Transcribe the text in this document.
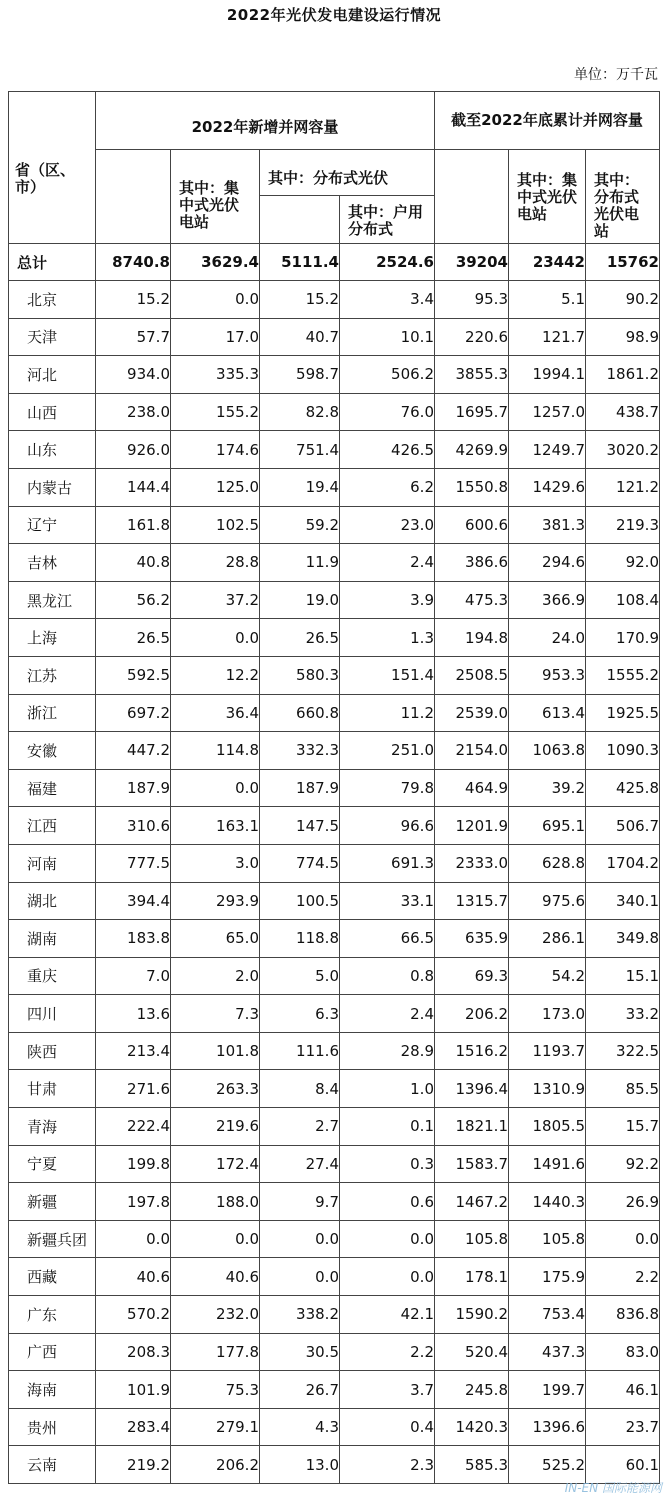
2022年光伏发电建设运行情况
单位：万千瓦
省（区、市）	2022年新增并网容量				截至2022年底累计并网容量		
		其中：集中式光伏电站	其中：分布式光伏			其中：集中式光伏电站	其中：分布式光伏电站
				其中：户用分布式			
总计	8740.8	3629.4	5111.4	2524.6	39204	23442	15762
北京	15.2	0.0	15.2	3.4	95.3	5.1	90.2
天津	57.7	17.0	40.7	10.1	220.6	121.7	98.9
河北	934.0	335.3	598.7	506.2	3855.3	1994.1	1861.2
山西	238.0	155.2	82.8	76.0	1695.7	1257.0	438.7
山东	926.0	174.6	751.4	426.5	4269.9	1249.7	3020.2
内蒙古	144.4	125.0	19.4	6.2	1550.8	1429.6	121.2
辽宁	161.8	102.5	59.2	23.0	600.6	381.3	219.3
吉林	40.8	28.8	11.9	2.4	386.6	294.6	92.0
黑龙江	56.2	37.2	19.0	3.9	475.3	366.9	108.4
上海	26.5	0.0	26.5	1.3	194.8	24.0	170.9
江苏	592.5	12.2	580.3	151.4	2508.5	953.3	1555.2
浙江	697.2	36.4	660.8	11.2	2539.0	613.4	1925.5
安徽	447.2	114.8	332.3	251.0	2154.0	1063.8	1090.3
福建	187.9	0.0	187.9	79.8	464.9	39.2	425.8
江西	310.6	163.1	147.5	96.6	1201.9	695.1	506.7
河南	777.5	3.0	774.5	691.3	2333.0	628.8	1704.2
湖北	394.4	293.9	100.5	33.1	1315.7	975.6	340.1
湖南	183.8	65.0	118.8	66.5	635.9	286.1	349.8
重庆	7.0	2.0	5.0	0.8	69.3	54.2	15.1
四川	13.6	7.3	6.3	2.4	206.2	173.0	33.2
陕西	213.4	101.8	111.6	28.9	1516.2	1193.7	322.5
甘肃	271.6	263.3	8.4	1.0	1396.4	1310.9	85.5
青海	222.4	219.6	2.7	0.1	1821.1	1805.5	15.7
宁夏	199.8	172.4	27.4	0.3	1583.7	1491.6	92.2
新疆	197.8	188.0	9.7	0.6	1467.2	1440.3	26.9
新疆兵团	0.0	0.0	0.0	0.0	105.8	105.8	0.0
西藏	40.6	40.6	0.0	0.0	178.1	175.9	2.2
广东	570.2	232.0	338.2	42.1	1590.2	753.4	836.8
广西	208.3	177.8	30.5	2.2	520.4	437.3	83.0
海南	101.9	75.3	26.7	3.7	245.8	199.7	46.1
贵州	283.4	279.1	4.3	0.4	1420.3	1396.6	23.7
云南	219.2	206.2	13.0	2.3	585.3	525.2	60.1
IN-EN 国际能源网
